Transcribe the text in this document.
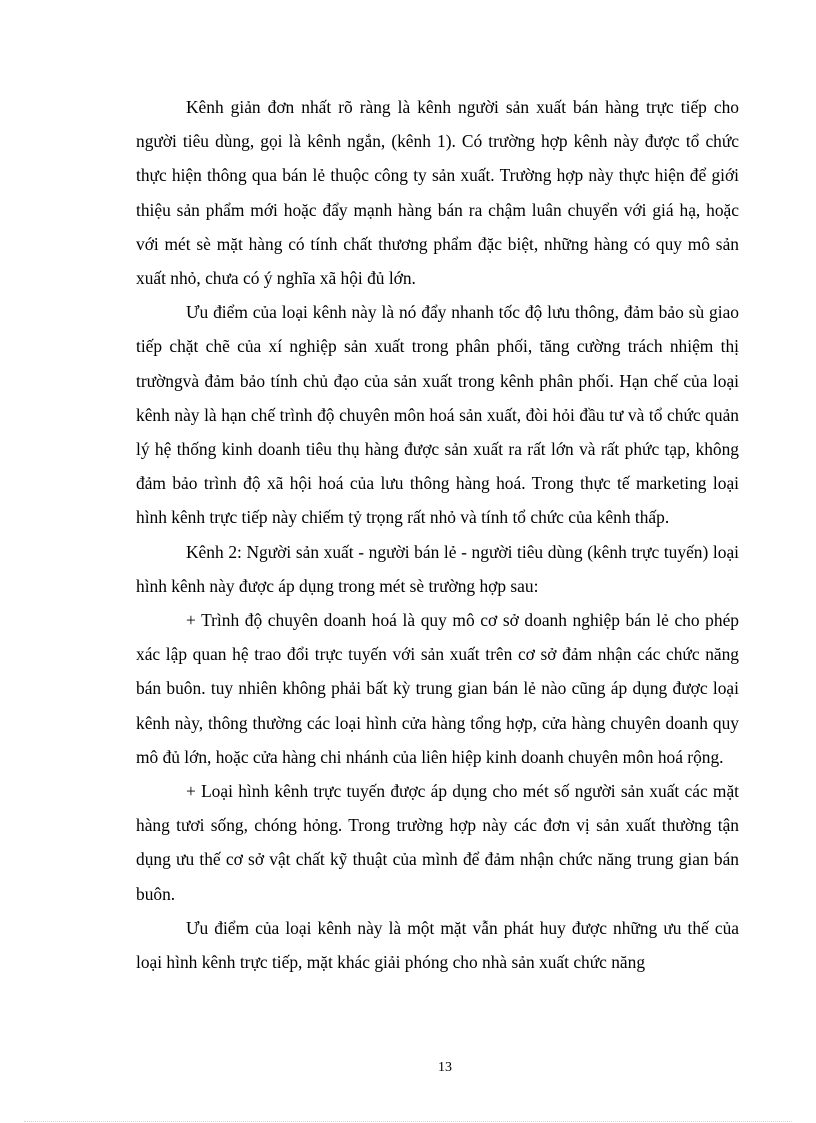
Kênh giản đơn nhất rõ ràng là kênh người sản xuất bán hàng trực tiếp cho người tiêu dùng, gọi là kênh ngắn, (kênh 1). Có trường hợp kênh này được tổ chức thực hiện thông qua bán lẻ thuộc công ty sản xuất. Trường hợp này thực hiện để giới thiệu sản phẩm mới hoặc đẩy mạnh hàng bán ra chậm luân chuyển với giá hạ, hoặc với mét sè mặt hàng có tính chất thương phẩm đặc biệt, những hàng có quy mô sản xuất nhỏ, chưa có ý nghĩa xã hội đủ lớn.

Ưu điểm của loại kênh này là nó đẩy nhanh tốc độ lưu thông, đảm bảo sù giao tiếp chặt chẽ của xí nghiệp sản xuất trong phân phối, tăng cường trách nhiệm thị trườngvà đảm bảo tính chủ đạo của sản xuất trong kênh phân phối. Hạn chế của loại kênh này là hạn chế trình độ chuyên môn hoá sản xuất, đòi hỏi đầu tư và tổ chức quản lý hệ thống kinh doanh tiêu thụ hàng được sản xuất ra rất lớn và rất phức tạp, không đảm bảo trình độ xã hội hoá của lưu thông hàng hoá. Trong thực tế marketing loại hình kênh trực tiếp này chiếm tỷ trọng rất nhỏ và tính tổ chức của kênh thấp.

Kênh 2: Người sản xuất - người bán lẻ - người tiêu dùng (kênh trực tuyến) loại hình kênh này được áp dụng trong mét sè trường hợp sau:

+ Trình độ chuyên doanh hoá là quy mô cơ sở doanh nghiệp bán lẻ cho phép xác lập quan hệ trao đổi trực tuyến với sản xuất trên cơ sở đảm nhận các chức năng bán buôn. tuy nhiên không phải bất kỳ trung gian bán lẻ nào cũng áp dụng được loại kênh này, thông thường các loại hình cửa hàng tổng hợp, cửa hàng chuyên doanh quy mô đủ lớn, hoặc cửa hàng chi nhánh của liên hiệp kinh doanh chuyên môn hoá rộng.

+ Loại hình kênh trực tuyến được áp dụng cho mét số người sản xuất các mặt hàng tươi sống, chóng hỏng. Trong trường hợp này các đơn vị sản xuất thường tận dụng ưu thế cơ sở vật chất kỹ thuật của mình để đảm nhận chức năng trung gian bán buôn.

Ưu điểm của loại kênh này là một mặt vẫn phát huy được những ưu thế của loại hình kênh trực tiếp, mặt khác giải phóng cho nhà sản xuất chức năng

13
